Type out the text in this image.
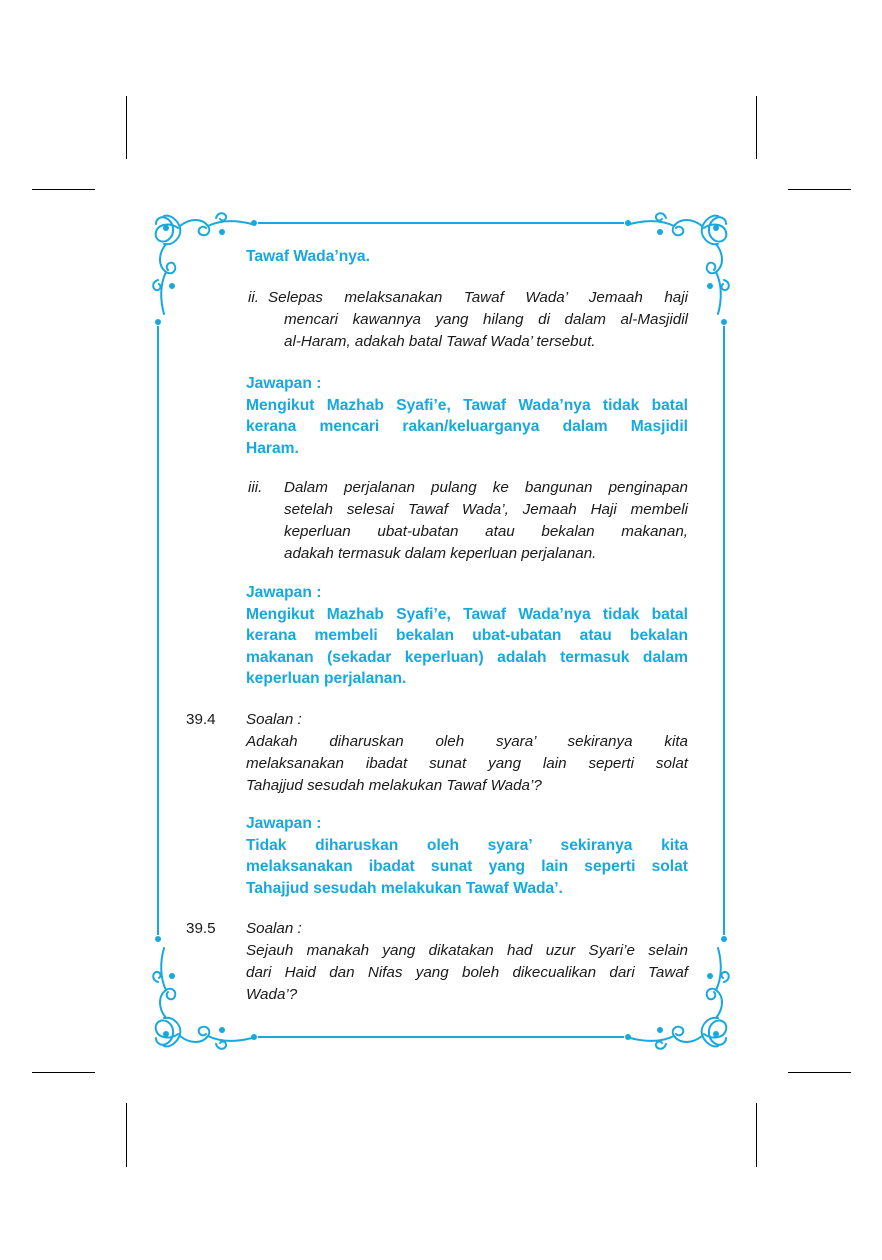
Tawaf Wada’nya.
ii. Selepas melaksanakan Tawaf Wada’ Jemaah haji
mencari kawannya yang hilang di dalam al-Masjidil
al-Haram, adakah batal Tawaf Wada’ tersebut.
Jawapan :
Mengikut Mazhab Syafi’e, Tawaf Wada’nya tidak batal
kerana mencari rakan/keluarganya dalam Masjidil
Haram.
iii. Dalam perjalanan pulang ke bangunan penginapan
setelah selesai Tawaf Wada’, Jemaah Haji membeli
keperluan ubat-ubatan atau bekalan makanan,
adakah termasuk dalam keperluan perjalanan.
Jawapan :
Mengikut Mazhab Syafi’e, Tawaf Wada’nya tidak batal
kerana membeli bekalan ubat-ubatan atau bekalan
makanan (sekadar keperluan) adalah termasuk dalam
keperluan perjalanan.
39.4 Soalan :
Adakah diharuskan oleh syara’ sekiranya kita
melaksanakan ibadat sunat yang lain seperti solat
Tahajjud sesudah melakukan Tawaf Wada’?
Jawapan :
Tidak diharuskan oleh syara’ sekiranya kita
melaksanakan ibadat sunat yang lain seperti solat
Tahajjud sesudah melakukan Tawaf Wada’.
39.5 Soalan :
Sejauh manakah yang dikatakan had uzur Syari’e selain
dari Haid dan Nifas yang boleh dikecualikan dari Tawaf
Wada’?
